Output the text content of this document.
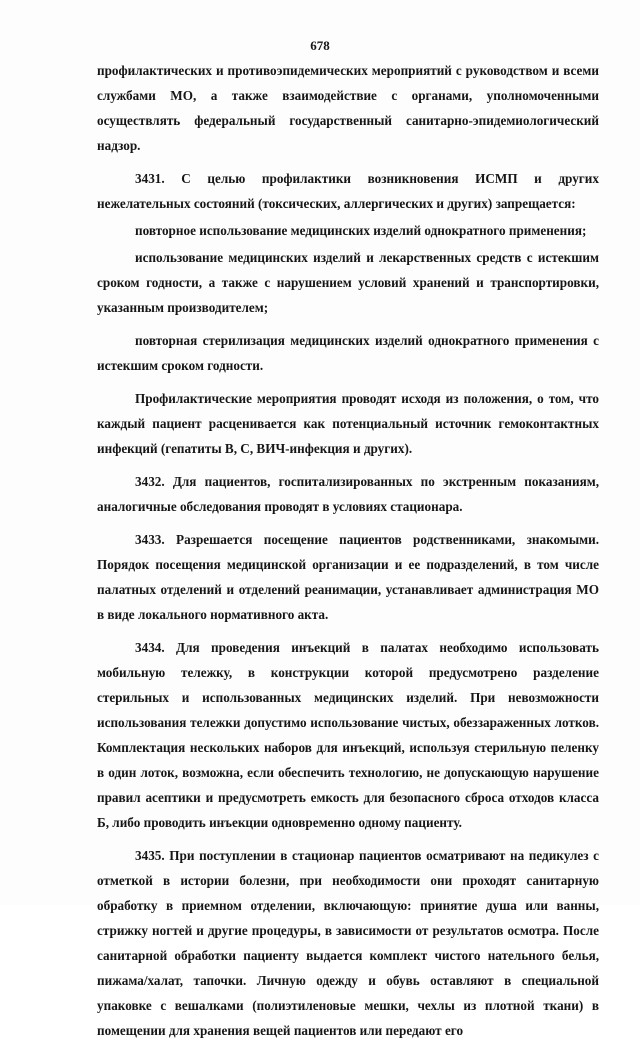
678

профилактических и противоэпидемических мероприятий с руководством и всеми службами МО, а также взаимодействие с органами, уполномоченными осуществлять федеральный государственный санитарно-эпидемиологический надзор.

3431. С целью профилактики возникновения ИСМП и других нежелательных состояний (токсических, аллергических и других) запрещается:

повторное использование медицинских изделий однократного применения;

использование медицинских изделий и лекарственных средств с истекшим сроком годности, а также с нарушением условий хранений и транспортировки, указанным производителем;

повторная стерилизация медицинских изделий однократного применения с истекшим сроком годности.

Профилактические мероприятия проводят исходя из положения, о том, что каждый пациент расценивается как потенциальный источник гемоконтактных инфекций (гепатиты В, С, ВИЧ-инфекция и других).

3432. Для пациентов, госпитализированных по экстренным показаниям, аналогичные обследования проводят в условиях стационара.

3433. Разрешается посещение пациентов родственниками, знакомыми. Порядок посещения медицинской организации и ее подразделений, в том числе палатных отделений и отделений реанимации, устанавливает администрация МО в виде локального нормативного акта.

3434. Для проведения инъекций в палатах необходимо использовать мобильную тележку, в конструкции которой предусмотрено разделение стерильных и использованных медицинских изделий. При невозможности использования тележки допустимо использование чистых, обеззараженных лотков. Комплектация нескольких наборов для инъекций, используя стерильную пеленку в один лоток, возможна, если обеспечить технологию, не допускающую нарушение правил асептики и предусмотреть емкость для безопасного сброса отходов класса Б, либо проводить инъекции одновременно одному пациенту.

3435. При поступлении в стационар пациентов осматривают на педикулез с отметкой в истории болезни, при необходимости они проходят санитарную обработку в приемном отделении, включающую: принятие душа или ванны, стрижку ногтей и другие процедуры, в зависимости от результатов осмотра. После санитарной обработки пациенту выдается комплект чистого нательного белья, пижама/халат, тапочки. Личную одежду и обувь оставляют в специальной упаковке с вешалками (полиэтиленовые мешки, чехлы из плотной ткани) в помещении для хранения вещей пациентов или передают его
